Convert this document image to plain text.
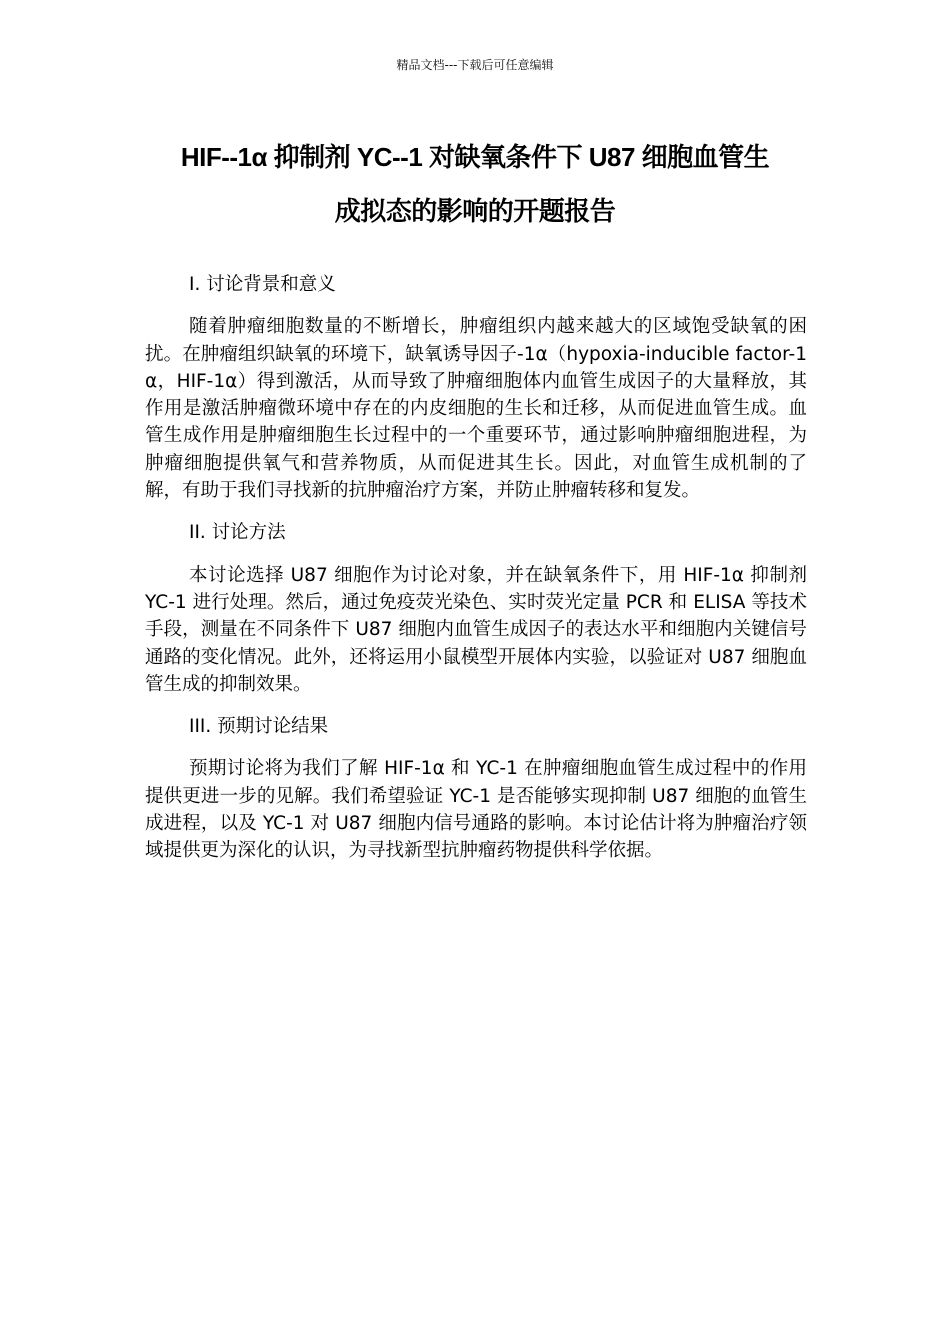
精品文档---下载后可任意编辑
HIF--1α 抑制剂 YC--1 对缺氧条件下 U87 细胞血管生
成拟态的影响的开题报告

I. 讨论背景和意义

随着肿瘤细胞数量的不断增长，肿瘤组织内越来越大的区域饱受缺氧的困扰。在肿瘤组织缺氧的环境下，缺氧诱导因子-1α（hypoxia-inducible factor-1α，HIF-1α）得到激活，从而导致了肿瘤细胞体内血管生成因子的大量释放，其作用是激活肿瘤微环境中存在的内皮细胞的生长和迁移，从而促进血管生成。血管生成作用是肿瘤细胞生长过程中的一个重要环节，通过影响肿瘤细胞进程，为肿瘤细胞提供氧气和营养物质，从而促进其生长。因此，对血管生成机制的了解，有助于我们寻找新的抗肿瘤治疗方案，并防止肿瘤转移和复发。

II. 讨论方法

本讨论选择 U87 细胞作为讨论对象，并在缺氧条件下，用 HIF-1α 抑制剂 YC-1 进行处理。然后，通过免疫荧光染色、实时荧光定量 PCR 和 ELISA 等技术手段，测量在不同条件下 U87 细胞内血管生成因子的表达水平和细胞内关键信号通路的变化情况。此外，还将运用小鼠模型开展体内实验，以验证对 U87 细胞血管生成的抑制效果。

III. 预期讨论结果

预期讨论将为我们了解 HIF-1α 和 YC-1 在肿瘤细胞血管生成过程中的作用提供更进一步的见解。我们希望验证 YC-1 是否能够实现抑制 U87 细胞的血管生成进程，以及 YC-1 对 U87 细胞内信号通路的影响。本讨论估计将为肿瘤治疗领域提供更为深化的认识，为寻找新型抗肿瘤药物提供科学依据。
